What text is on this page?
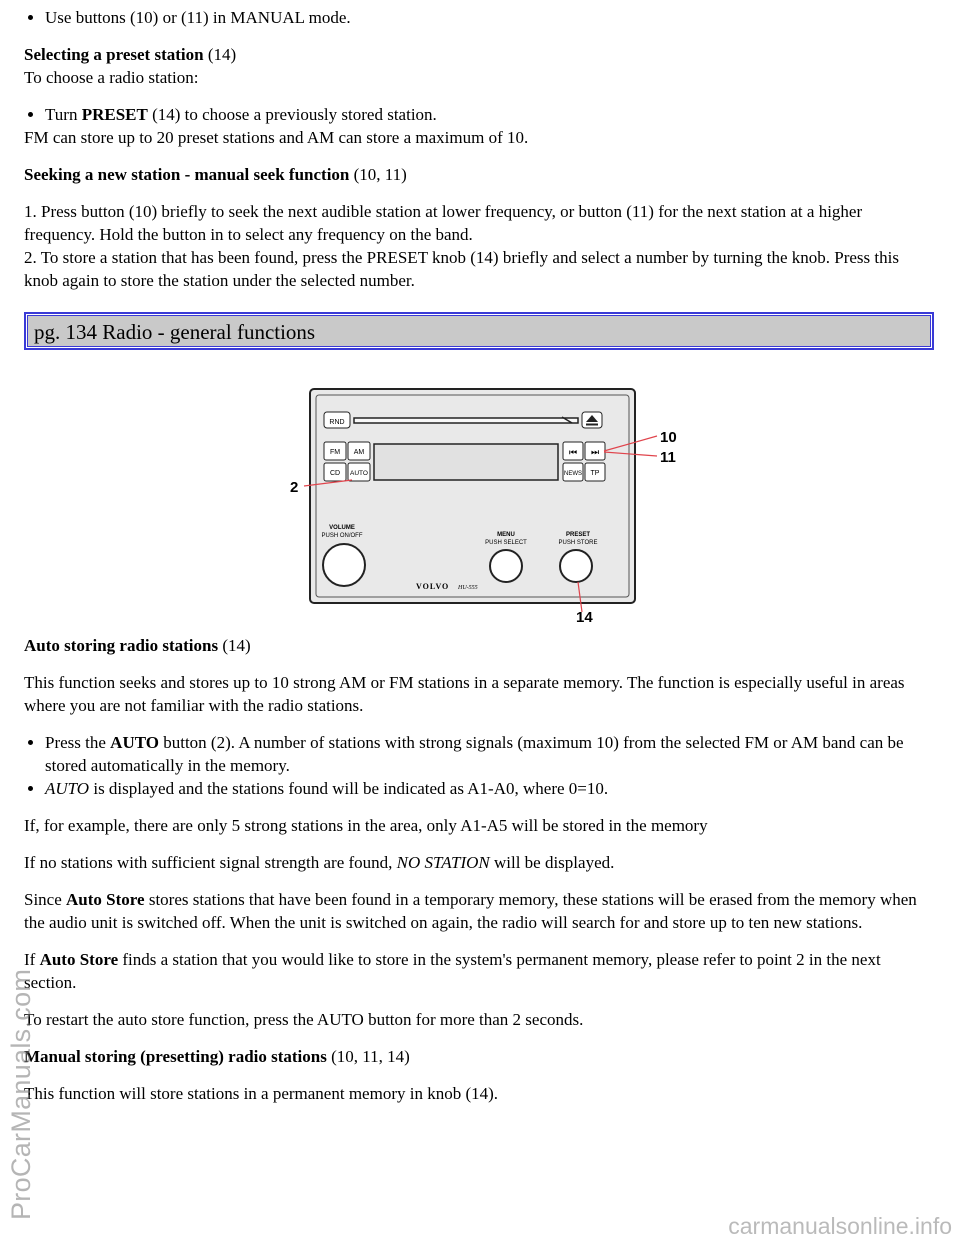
• Use buttons (10) or (11) in MANUAL mode.

Selecting a preset station (14)
To choose a radio station:

• Turn PRESET (14) to choose a previously stored station.

FM can store up to 20 preset stations and AM can store a maximum of 10.

Seeking a new station - manual seek function (10, 11)

1. Press button (10) briefly to seek the next audible station at lower frequency, or button (11) for the next station at a higher frequency. Hold the button in to select any frequency on the band.
2. To store a station that has been found, press the PRESET knob (14) briefly and select a number by turning the knob. Press this knob again to store the station under the selected number.

pg. 134 Radio - general functions
RND
FM AM
CD AUTO
⏮ ⏭
NEWS TP
VOLUME
PUSH ON/OFF	MENU
PUSH SELECT
PRESET
PUSH STORE
VOLVO HU-555
10
11
2
14

Auto storing radio stations (14)

This function seeks and stores up to 10 strong AM or FM stations in a separate memory. The function is especially useful in areas where you are not familiar with the radio stations.

• Press the AUTO button (2). A number of stations with strong signals (maximum 10) from the selected FM or AM band can be stored automatically in the memory.
• AUTO is displayed and the stations found will be indicated as A1-A0, where 0=10.

If, for example, there are only 5 strong stations in the area, only A1-A5 will be stored in the memory

If no stations with sufficient signal strength are found, NO STATION will be displayed.

Since Auto Store stores stations that have been found in a temporary memory, these stations will be erased from the memory when the audio unit is switched off. When the unit is switched on again, the radio will search for and store up to ten new stations.

If Auto Store finds a station that you would like to store in the system's permanent memory, please refer to point 2 in the next section.

To restart the auto store function, press the AUTO button for more than 2 seconds.

Manual storing (presetting) radio stations (10, 11, 14)

This function will store stations in a permanent memory in knob (14).

ProCarManuals.com
carmanualsonline.info
